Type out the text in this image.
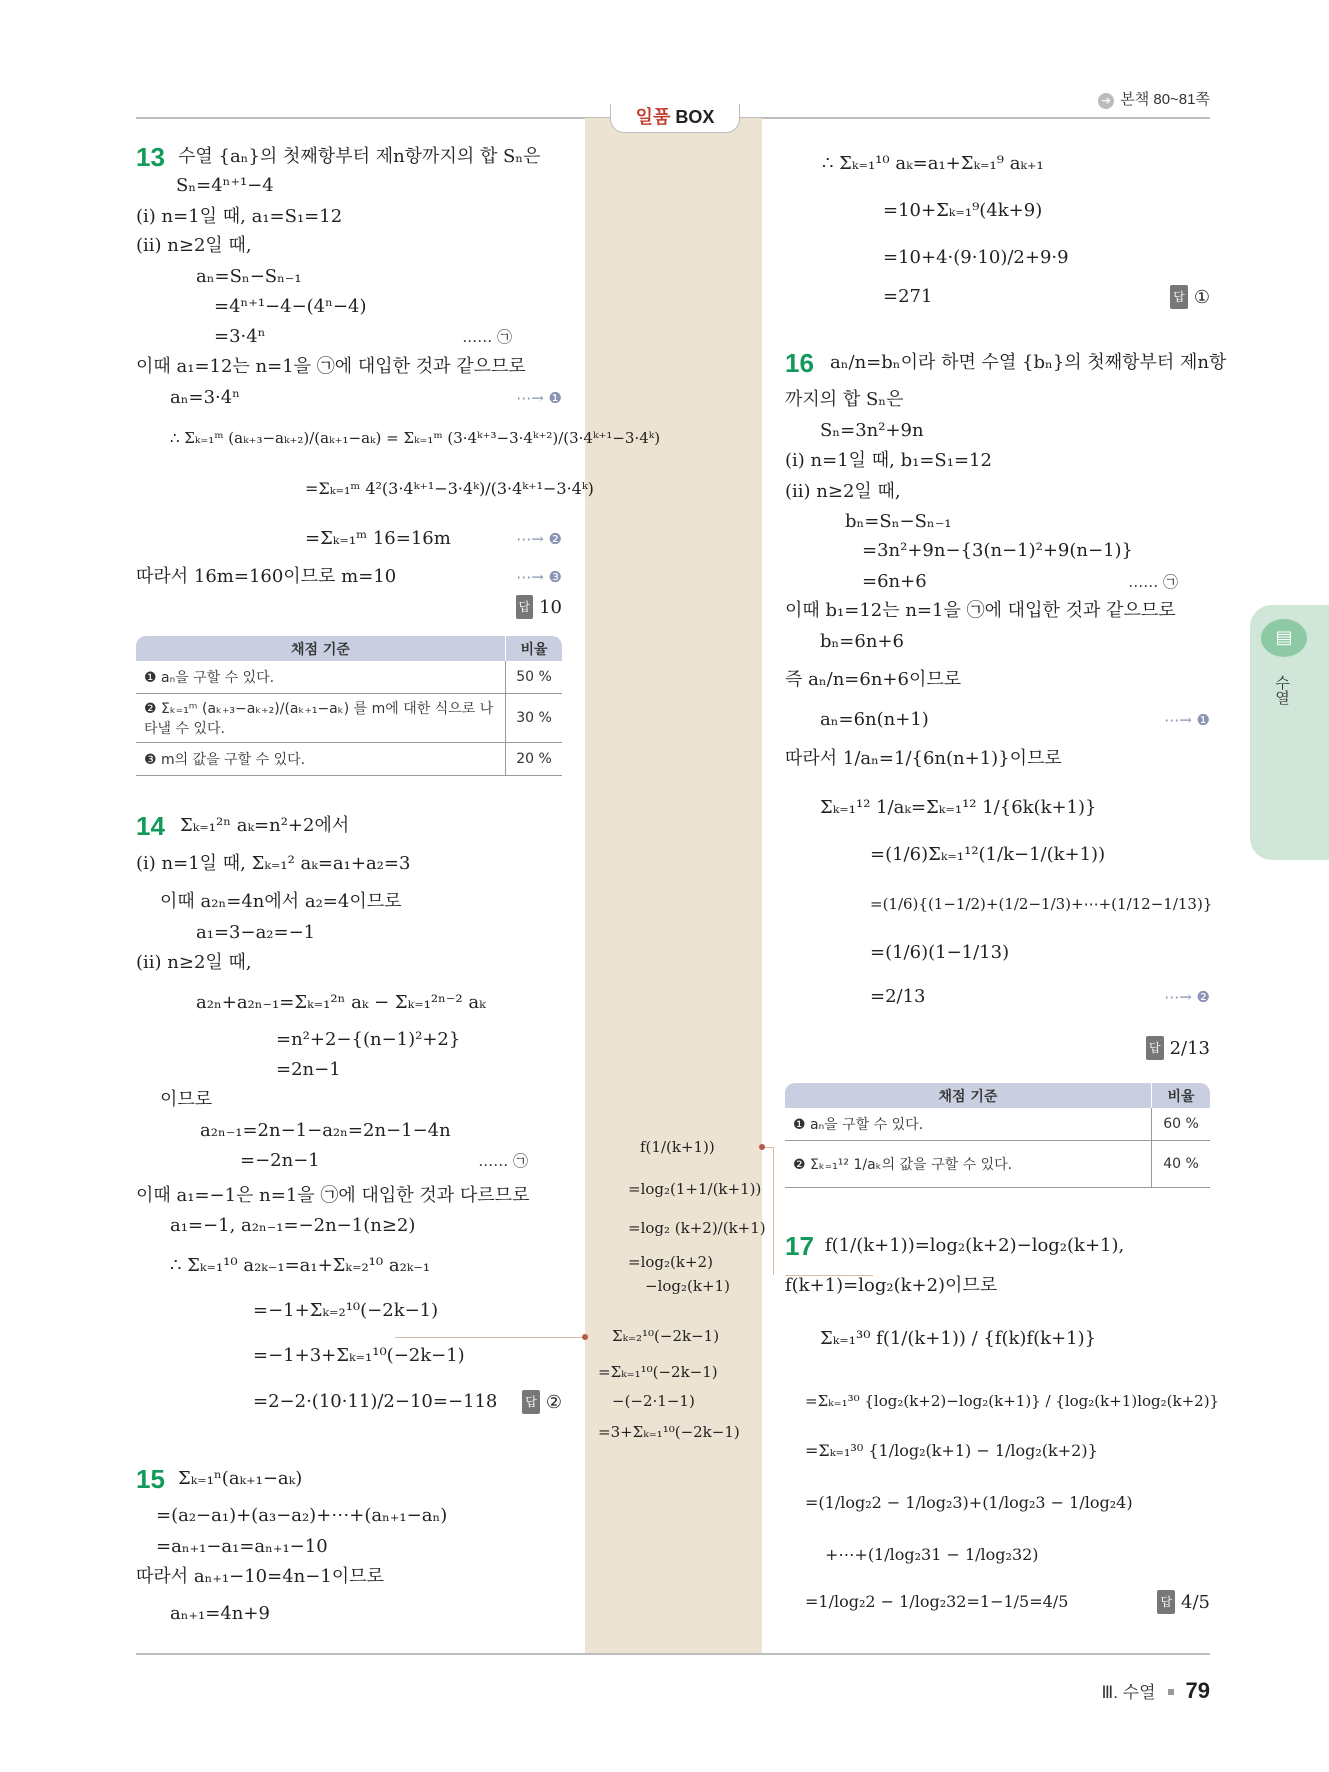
일품 BOX
➔ 본책 80~81쪽
채점 기준	비율
❶ aₙ을 구할 수 있다.	50 %
❷ Σₖ₌₁ᵐ (aₖ₊₃−aₖ₊₂)/(aₖ₊₁−aₖ) 를 m에 대한 식으로 나타낼 수 있다.	30 %
❸ m의 값을 구할 수 있다.	20 %
채점 기준	비율
❶ aₙ을 구할 수 있다.	60 %
❷ Σₖ₌₁¹² 1/aₖ의 값을 구할 수 있다.	40 %
▤
수열
Ⅲ. 수열 79
13 수열 {aₙ}의 첫째항부터 제n항까지의 합 Sₙ은
Sₙ=4ⁿ⁺¹−4
(i) n=1일 때, a₁=S₁=12
(ii) n≥2일 때,
aₙ=Sₙ−Sₙ₋₁
=4ⁿ⁺¹−4−(4ⁿ−4)
=3·4ⁿ
이때 a₁=12는 n=1을 ㉠에 대입한 것과 같으므로
aₙ=3·4ⁿ
∴ Σₖ₌₁ᵐ (aₖ₊₃−aₖ₊₂)/(aₖ₊₁−aₖ) = Σₖ₌₁ᵐ (3·4ᵏ⁺³−3·4ᵏ⁺²)/(3·4ᵏ⁺¹−3·4ᵏ)
=Σₖ₌₁ᵐ 4²(3·4ᵏ⁺¹−3·4ᵏ)/(3·4ᵏ⁺¹−3·4ᵏ)
=Σₖ₌₁ᵐ 16=16m
따라서 16m=160이므로 m=10
…… ㉠
⋯→ ❶
⋯→ ❷
⋯→ ❸
답 10
14 Σₖ₌₁²ⁿ aₖ=n²+2에서
(i) n=1일 때, Σₖ₌₁² aₖ=a₁+a₂=3
이때 a₂ₙ=4n에서 a₂=4이므로
a₁=3−a₂=−1
(ii) n≥2일 때,
a₂ₙ+a₂ₙ₋₁=Σₖ₌₁²ⁿ aₖ − Σₖ₌₁²ⁿ⁻² aₖ
=n²+2−{(n−1)²+2}
=2n−1
이므로
a₂ₙ₋₁=2n−1−a₂ₙ=2n−1−4n
=−2n−1
이때 a₁=−1은 n=1을 ㉠에 대입한 것과 다르므로
a₁=−1, a₂ₙ₋₁=−2n−1(n≥2)
∴ Σₖ₌₁¹⁰ a₂ₖ₋₁=a₁+Σₖ₌₂¹⁰ a₂ₖ₋₁
=−1+Σₖ₌₂¹⁰(−2k−1)
=−1+3+Σₖ₌₁¹⁰(−2k−1)
=2−2·(10·11)/2−10=−118
…… ㉠
답 ②
15 Σₖ₌₁ⁿ(aₖ₊₁−aₖ)
=(a₂−a₁)+(a₃−a₂)+⋯+(aₙ₊₁−aₙ)
=aₙ₊₁−a₁=aₙ₊₁−10
따라서 aₙ₊₁−10=4n−1이므로
aₙ₊₁=4n+9
∴ Σₖ₌₁¹⁰ aₖ=a₁+Σₖ₌₁⁹ aₖ₊₁
=10+Σₖ₌₁⁹(4k+9)
=10+4·(9·10)/2+9·9
=271	답 ①
16 aₙ/n=bₙ이라 하면 수열 {bₙ}의 첫째항부터 제n항
까지의 합 Sₙ은
Sₙ=3n²+9n
(i) n=1일 때, b₁=S₁=12
(ii) n≥2일 때,
bₙ=Sₙ−Sₙ₋₁
=3n²+9n−{3(n−1)²+9(n−1)}
=6n+6
이때 b₁=12는 n=1을 ㉠에 대입한 것과 같으므로
bₙ=6n+6
즉 aₙ/n=6n+6이므로
aₙ=6n(n+1)
따라서 1/aₙ=1/{6n(n+1)}이므로
Σₖ₌₁¹² 1/aₖ=Σₖ₌₁¹² 1/{6k(k+1)}
=(1/6)Σₖ₌₁¹²(1/k−1/(k+1))
=(1/6){(1−1/2)+(1/2−1/3)+⋯+(1/12−1/13)}
=(1/6)(1−1/13)
=2/13
…… ㉠
⋯→ ❶
⋯→ ❷
답 2/13
17 f(1/(k+1))=log₂(k+2)−log₂(k+1),
f(k+1)=log₂(k+2)이므로
Σₖ₌₁³⁰ f(1/(k+1)) / {f(k)f(k+1)}
=Σₖ₌₁³⁰ {log₂(k+2)−log₂(k+1)} / {log₂(k+1)log₂(k+2)}
=Σₖ₌₁³⁰ {1/log₂(k+1) − 1/log₂(k+2)}
=(1/log₂2 − 1/log₂3)+(1/log₂3 − 1/log₂4)
+⋯+(1/log₂31 − 1/log₂32)
=1/log₂2 − 1/log₂32=1−1/5=4/5	답 4/5
f(1/(k+1))
=log₂(1+1/(k+1))
=log₂ (k+2)/(k+1)
=log₂(k+2)
−log₂(k+1)
Σₖ₌₂¹⁰(−2k−1)
=Σₖ₌₁¹⁰(−2k−1)
−(−2·1−1)
=3+Σₖ₌₁¹⁰(−2k−1)
